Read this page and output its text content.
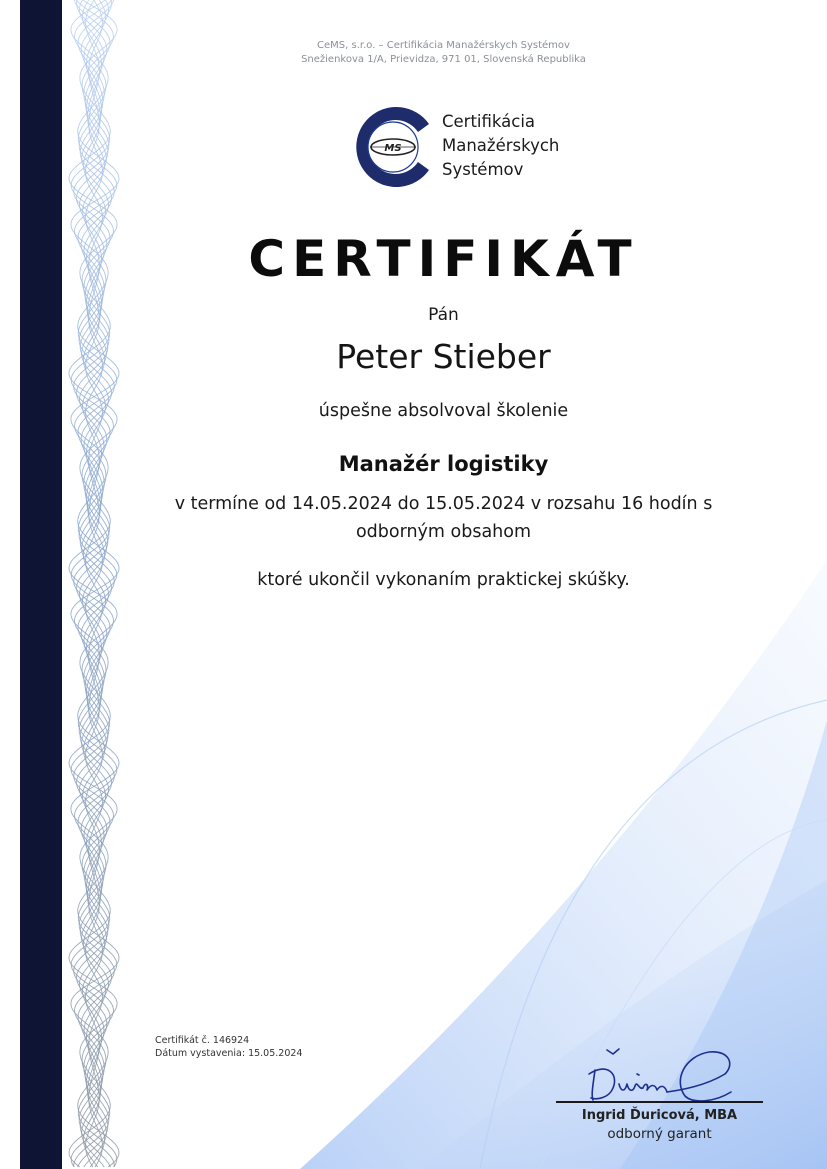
CeMS, s.r.o. – Certifikácia Manažérskych Systémov
Snežienkova 1/A, Prievidza, 971 01, Slovenská Republika
MS
Certifikácia
Manažérskych
Systémov
CERTIFIKÁT
Pán
Peter Stieber
úspešne absolvoval školenie
Manažér logistiky
v termíne od 14.05.2024 do 15.05.2024 v rozsahu 16 hodín s
odborným obsahom
ktoré ukončil vykonaním praktickej skúšky.
Certifikát č. 146924
Dátum vystavenia: 15.05.2024
Ingrid Ďuricová, MBA
odborný garant
